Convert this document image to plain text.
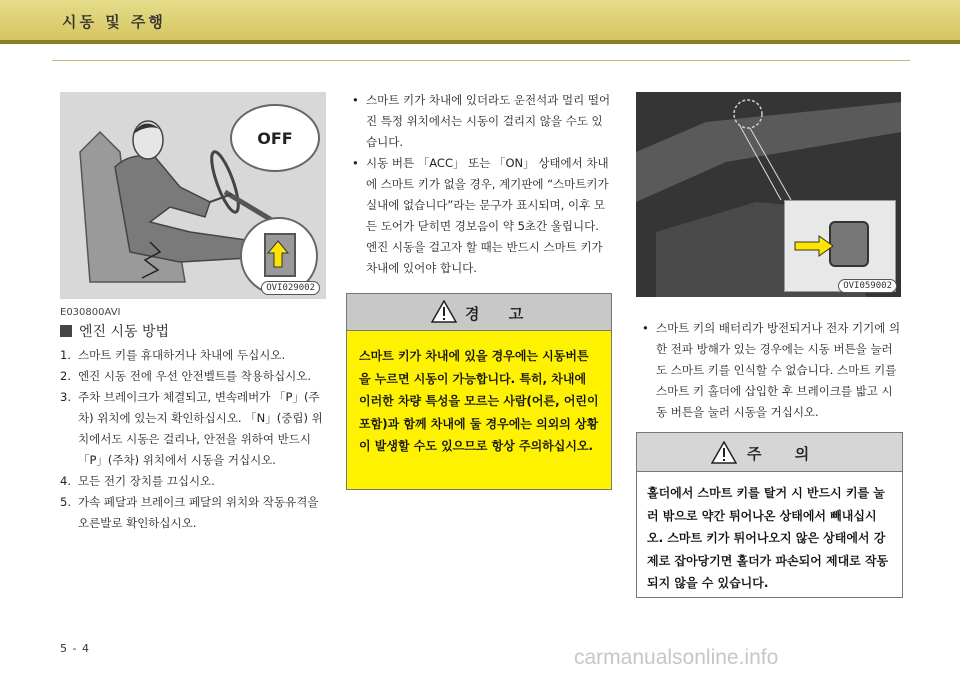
시동 및 주행
OFF
OVI029002
E030800AVI
엔진 시동 방법
1. 스마트 키를 휴대하거나 차내에 두십시오.
2. 엔진 시동 전에 우선 안전벨트를 착용하십시오.
3. 주차 브레이크가 체결되고, 변속레버가 「P」(주차) 위치에 있는지 확인하십시오. 「N」(중립) 위치에서도 시동은 걸리나, 안전을 위하여 반드시 「P」(주차) 위치에서 시동을 거십시오.
4. 모든 전기 장치를 끄십시오.
5. 가속 페달과 브레이크 페달의 위치와 작동유격을 오른발로 확인하십시오.
• 스마트 키가 차내에 있더라도 운전석과 멀리 떨어진 특정 위치에서는 시동이 걸리지 않을 수도 있습니다.
• 시동 버튼 「ACC」 또는 「ON」 상태에서 차내에 스마트 키가 없을 경우, 계기판에 “스마트키가 실내에 없습니다”라는 문구가 표시되며, 이후 모든 도어가 닫히면 경보음이 약 5초간 울립니다. 엔진 시동을 걸고자 할 때는 반드시 스마트 키가 차내에 있어야 합니다.
경 고
스마트 키가 차내에 있을 경우에는 시동버튼을 누르면 시동이 가능합니다. 특히, 차내에 이러한 차량 특성을 모르는 사람(어른, 어린이 포함)과 함께 차내에 둘 경우에는 의외의 상황이 발생할 수도 있으므로 항상 주의하십시오.
OVI059002
• 스마트 키의 배터리가 방전되거나 전자 기기에 의한 전파 방해가 있는 경우에는 시동 버튼을 눌러도 스마트 키를 인식할 수 없습니다. 스마트 키를 스마트 키 홀더에 삽입한 후 브레이크를 밟고 시동 버튼을 눌러 시동을 거십시오.
주 의
홀더에서 스마트 키를 탈거 시 반드시 키를 눌러 밖으로 약간 튀어나온 상태에서 빼내십시오. 스마트 키가 튀어나오지 않은 상태에서 강제로 잡아당기면 홀더가 파손되어 제대로 작동 되지 않을 수 있습니다.
5 - 4	carmanualsonline.info
